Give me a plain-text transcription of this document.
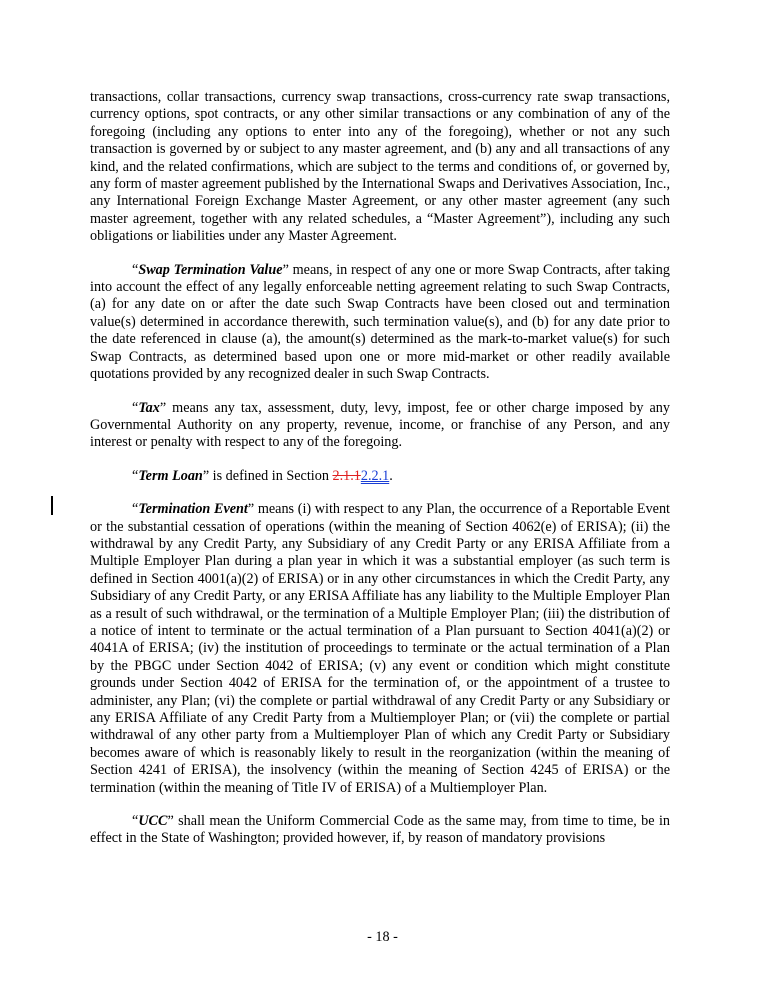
transactions, collar transactions, currency swap transactions, cross-currency rate swap transactions, currency options, spot contracts, or any other similar transactions or any combination of any of the foregoing (including any options to enter into any of the foregoing), whether or not any such transaction is governed by or subject to any master agreement, and (b) any and all transactions of any kind, and the related confirmations, which are subject to the terms and conditions of, or governed by, any form of master agreement published by the International Swaps and Derivatives Association, Inc., any International Foreign Exchange Master Agreement, or any other master agreement (any such master agreement, together with any related schedules, a “Master Agreement”), including any such obligations or liabilities under any Master Agreement.

“Swap Termination Value” means, in respect of any one or more Swap Contracts, after taking into account the effect of any legally enforceable netting agreement relating to such Swap Contracts, (a) for any date on or after the date such Swap Contracts have been closed out and termination value(s) determined in accordance therewith, such termination value(s), and (b) for any date prior to the date referenced in clause (a), the amount(s) determined as the mark-to-market value(s) for such Swap Contracts, as determined based upon one or more mid-market or other readily available quotations provided by any recognized dealer in such Swap Contracts.

“Tax” means any tax, assessment, duty, levy, impost, fee or other charge imposed by any Governmental Authority on any property, revenue, income, or franchise of any Person, and any interest or penalty with respect to any of the foregoing.

“Term Loan” is defined in Section 2.1.12.2.1.

“Termination Event” means (i) with respect to any Plan, the occurrence of a Reportable Event or the substantial cessation of operations (within the meaning of Section 4062(e) of ERISA); (ii) the withdrawal by any Credit Party, any Subsidiary of any Credit Party or any ERISA Affiliate from a Multiple Employer Plan during a plan year in which it was a substantial employer (as such term is defined in Section 4001(a)(2) of ERISA) or in any other circumstances in which the Credit Party, any Subsidiary of any Credit Party, or any ERISA Affiliate has any liability to the Multiple Employer Plan as a result of such withdrawal, or the termination of a Multiple Employer Plan; (iii) the distribution of a notice of intent to terminate or the actual termination of a Plan pursuant to Section 4041(a)(2) or 4041A of ERISA; (iv) the institution of proceedings to terminate or the actual termination of a Plan by the PBGC under Section 4042 of ERISA; (v) any event or condition which might constitute grounds under Section 4042 of ERISA for the termination of, or the appointment of a trustee to administer, any Plan; (vi) the complete or partial withdrawal of any Credit Party or any Subsidiary or any ERISA Affiliate of any Credit Party from a Multiemployer Plan; or (vii) the complete or partial withdrawal of any other party from a Multiemployer Plan of which any Credit Party or Subsidiary becomes aware of which is reasonably likely to result in the reorganization (within the meaning of Section 4241 of ERISA), the insolvency (within the meaning of Section 4245 of ERISA) or the termination (within the meaning of Title IV of ERISA) of a Multiemployer Plan.

“UCC” shall mean the Uniform Commercial Code as the same may, from time to time, be in effect in the State of Washington; provided however, if, by reason of mandatory provisions

- 18 -
